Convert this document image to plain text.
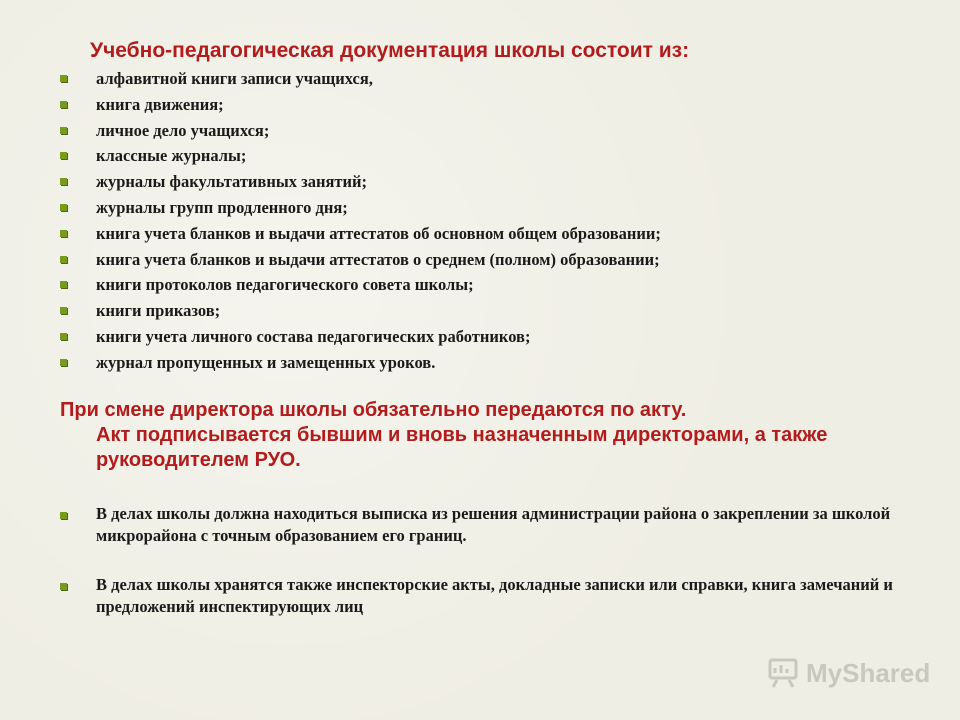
Учебно-педагогическая документация школы состоит из:
алфавитной книги записи учащихся,
книга движения;
личное дело учащихся;
классные журналы;
журналы факультативных занятий;
журналы групп продленного дня;
книга учета бланков и выдачи аттестатов об основном общем образовании;
книга учета бланков и выдачи аттестатов о среднем (полном) образовании;
книги протоколов педагогического совета школы;
книги приказов;
книги учета личного состава педагогических работников;
журнал пропущенных и замещенных уроков.
При смене директора школы обязательно передаются по акту.
Акт подписывается бывшим и вновь назначенным директорами, а также руководителем РУО.
В делах школы должна находиться выписка из решения администрации района о закреплении за школой микрорайона с точным образованием его границ.
В делах школы хранятся также инспекторские акты, докладные записки или справки, книга замечаний и предложений инспектирующих лиц
MyShared
